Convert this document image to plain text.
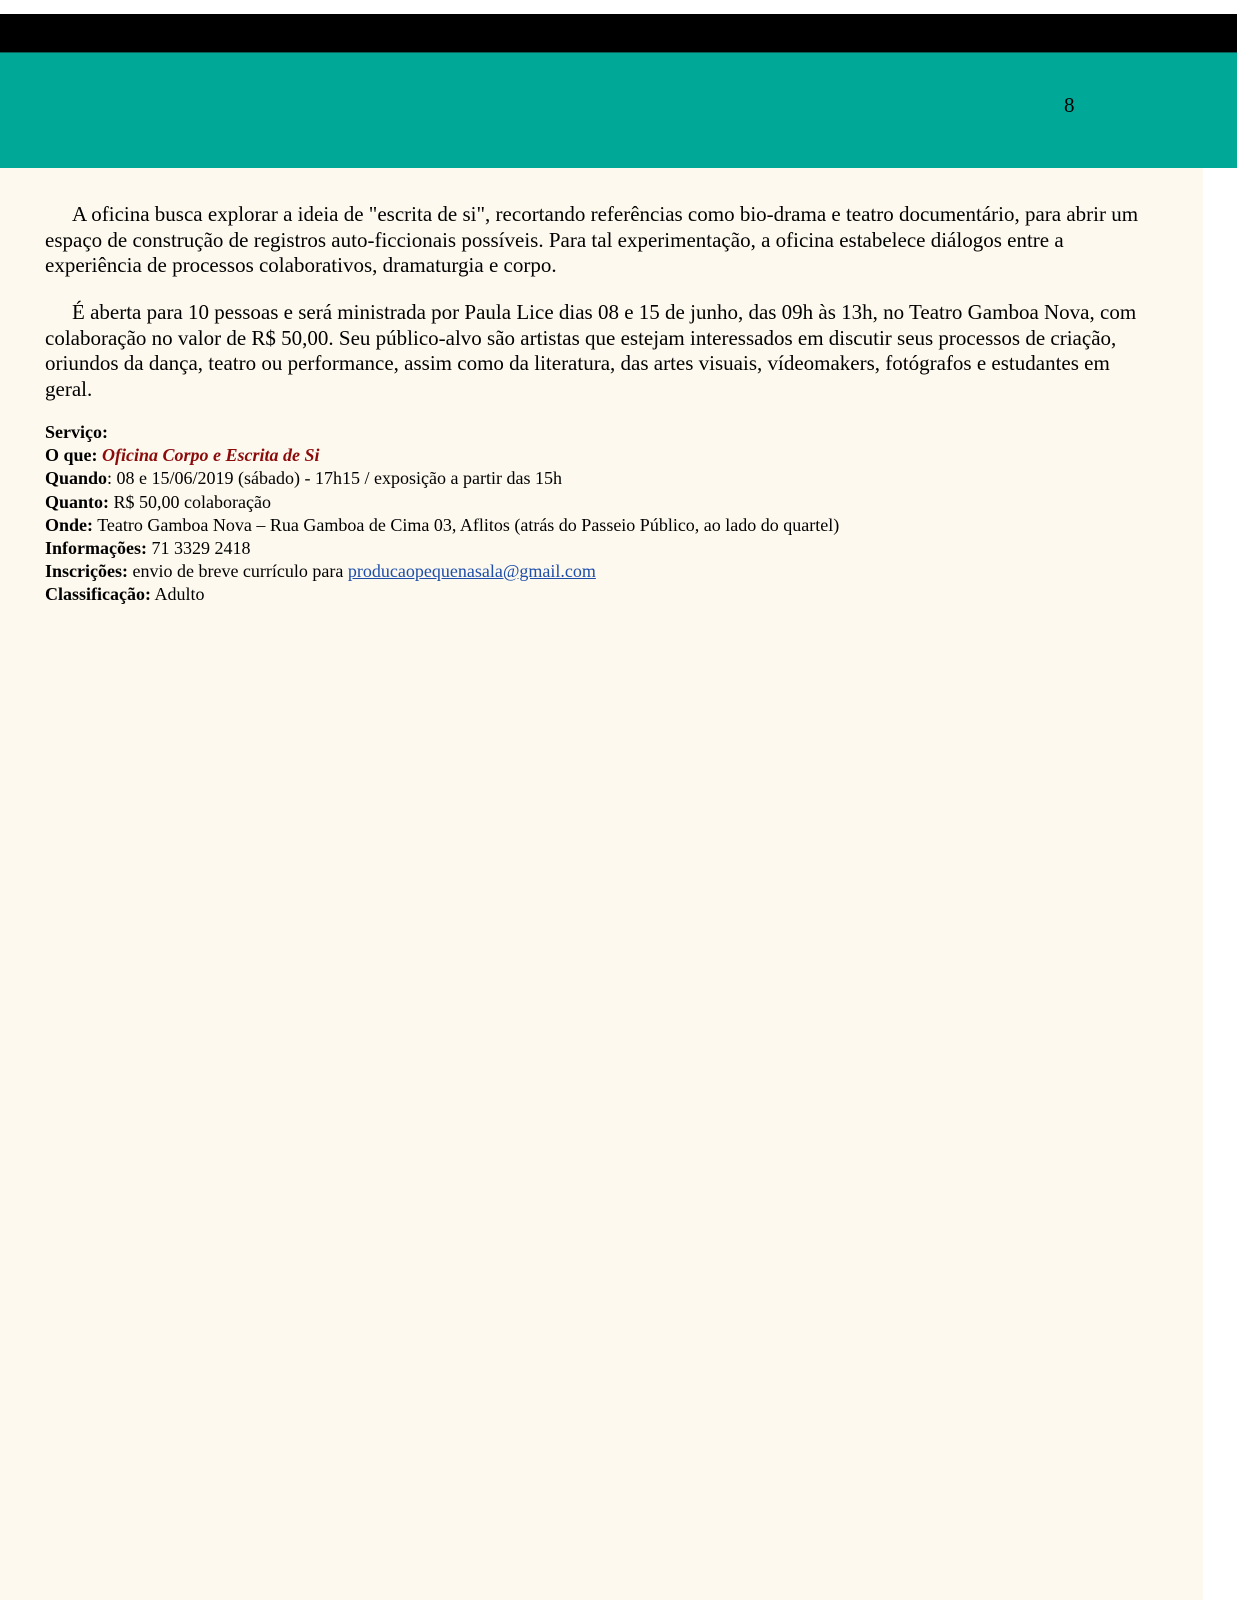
8

A oficina busca explorar a ideia de "escrita de si", recortando referências como bio-drama e teatro documentário, para abrir um espaço de construção de registros auto-ficcionais possíveis. Para tal experimentação, a oficina estabelece diálogos entre a experiência de processos colaborativos, dramaturgia e corpo.

É aberta para 10 pessoas e será ministrada por Paula Lice dias 08 e 15 de junho, das 09h às 13h, no Teatro Gamboa Nova, com colaboração no valor de R$ 50,00. Seu público-alvo são artistas que estejam interessados em discutir seus processos de criação, oriundos da dança, teatro ou performance, assim como da literatura, das artes visuais, vídeomakers, fotógrafos e estudantes em geral.

Serviço:
O que: Oficina Corpo e Escrita de Si
Quando: 08 e 15/06/2019 (sábado) - 17h15 / exposição a partir das 15h
Quanto: R$ 50,00 colaboração
Onde: Teatro Gamboa Nova – Rua Gamboa de Cima 03, Aflitos (atrás do Passeio Público, ao lado do quartel)
Informações: 71 3329 2418
Inscrições: envio de breve currículo para producaopequenasala@gmail.com
Classificação: Adulto
